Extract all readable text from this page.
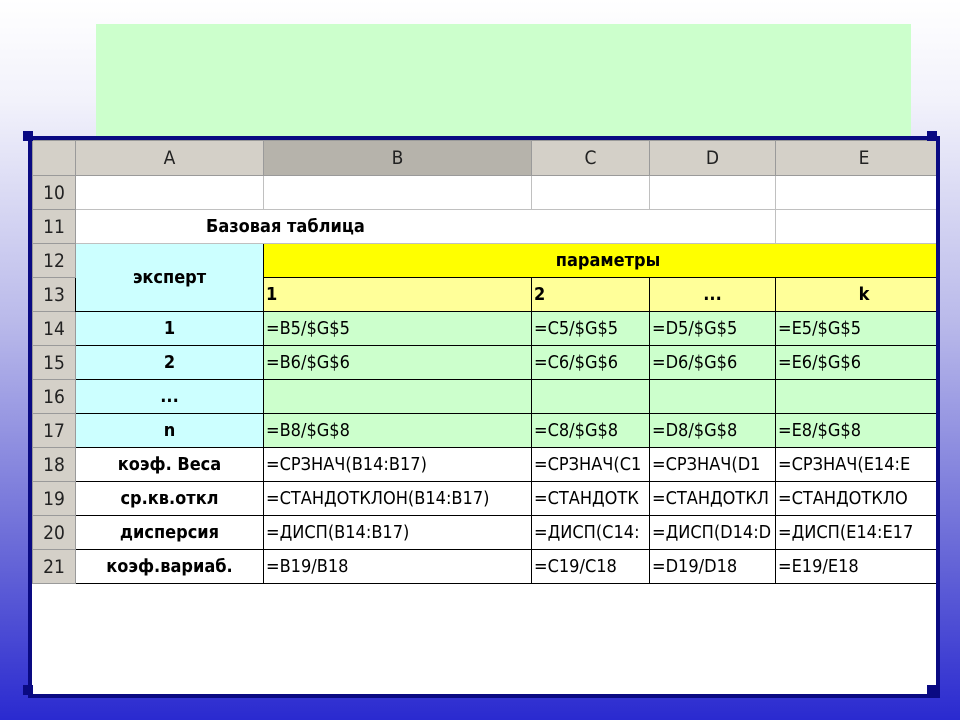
	A	B	C	D	E
10					
11	Базовая таблица				
12	эксперт	параметры			
13		1	2	...	k
14	1	=B5/$G$5	=C5/$G$5	=D5/$G$5	=E5/$G$5
15	2	=B6/$G$6	=C6/$G$6	=D6/$G$6	=E6/$G$6
16	...				
17	n	=B8/$G$8	=C8/$G$8	=D8/$G$8	=E8/$G$8
18	коэф. Веса	=СРЗНАЧ(B14:B17)	=СРЗНАЧ(С1	=СРЗНАЧ(D1	=СРЗНАЧ(E14:E
19	ср.кв.откл	=СТАНДОТКЛОН(B14:B17)	=СТАНДОТК	=СТАНДОТКЛ	=СТАНДОТКЛО
20	дисперсия	=ДИСП(B14:B17)	=ДИСП(С14:	=ДИСП(D14:D	=ДИСП(E14:E17
21	коэф.вариаб.	=B19/B18	=C19/C18	=D19/D18	=E19/E18
